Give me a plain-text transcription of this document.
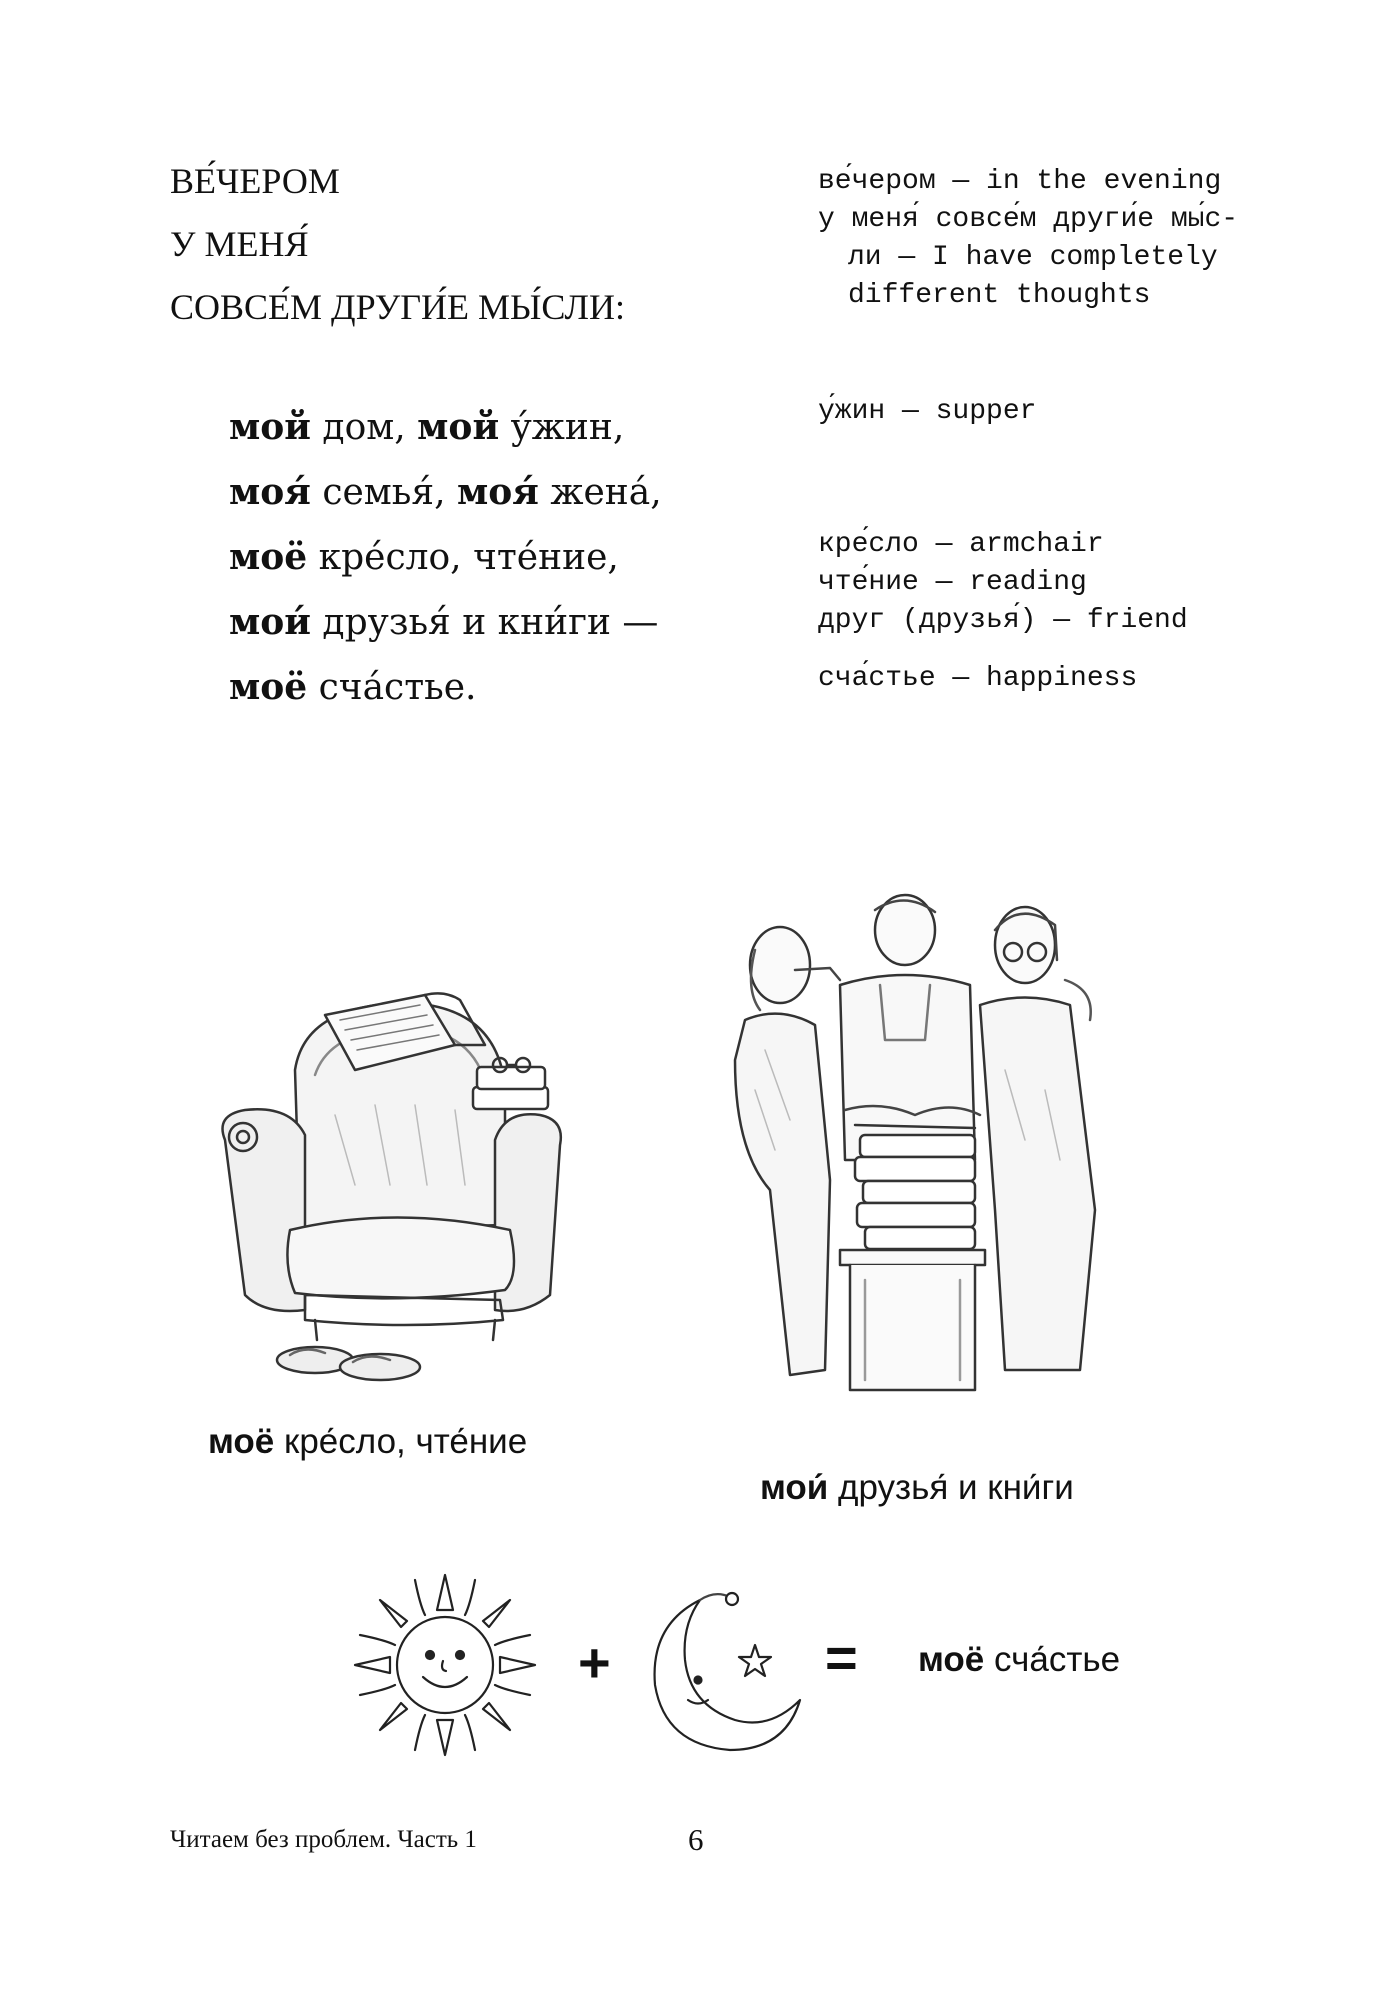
ВЕ́ЧЕРОМ
У МЕНЯ́
СОВСЕ́М ДРУГИ́Е МЫ́СЛИ:
мой дом, мой у́жин,
моя́ семья́, моя́ жена́,
моё кре́сло, чте́ние,
мои́ друзья́ и кни́ги —
моё сча́стье.
ве́чером — in the evening
у меня́ совсе́м други́е мы́с-
ли — I have completely
different thoughts
у́жин — supper
кре́сло — armchair
чте́ние — reading
друг (друзья́) — friend
сча́стье — happiness
моё кре́сло, чте́ние
мои́ друзья́ и кни́ги
+	= моё сча́стье
Читаем без проблем. Часть 1	6
